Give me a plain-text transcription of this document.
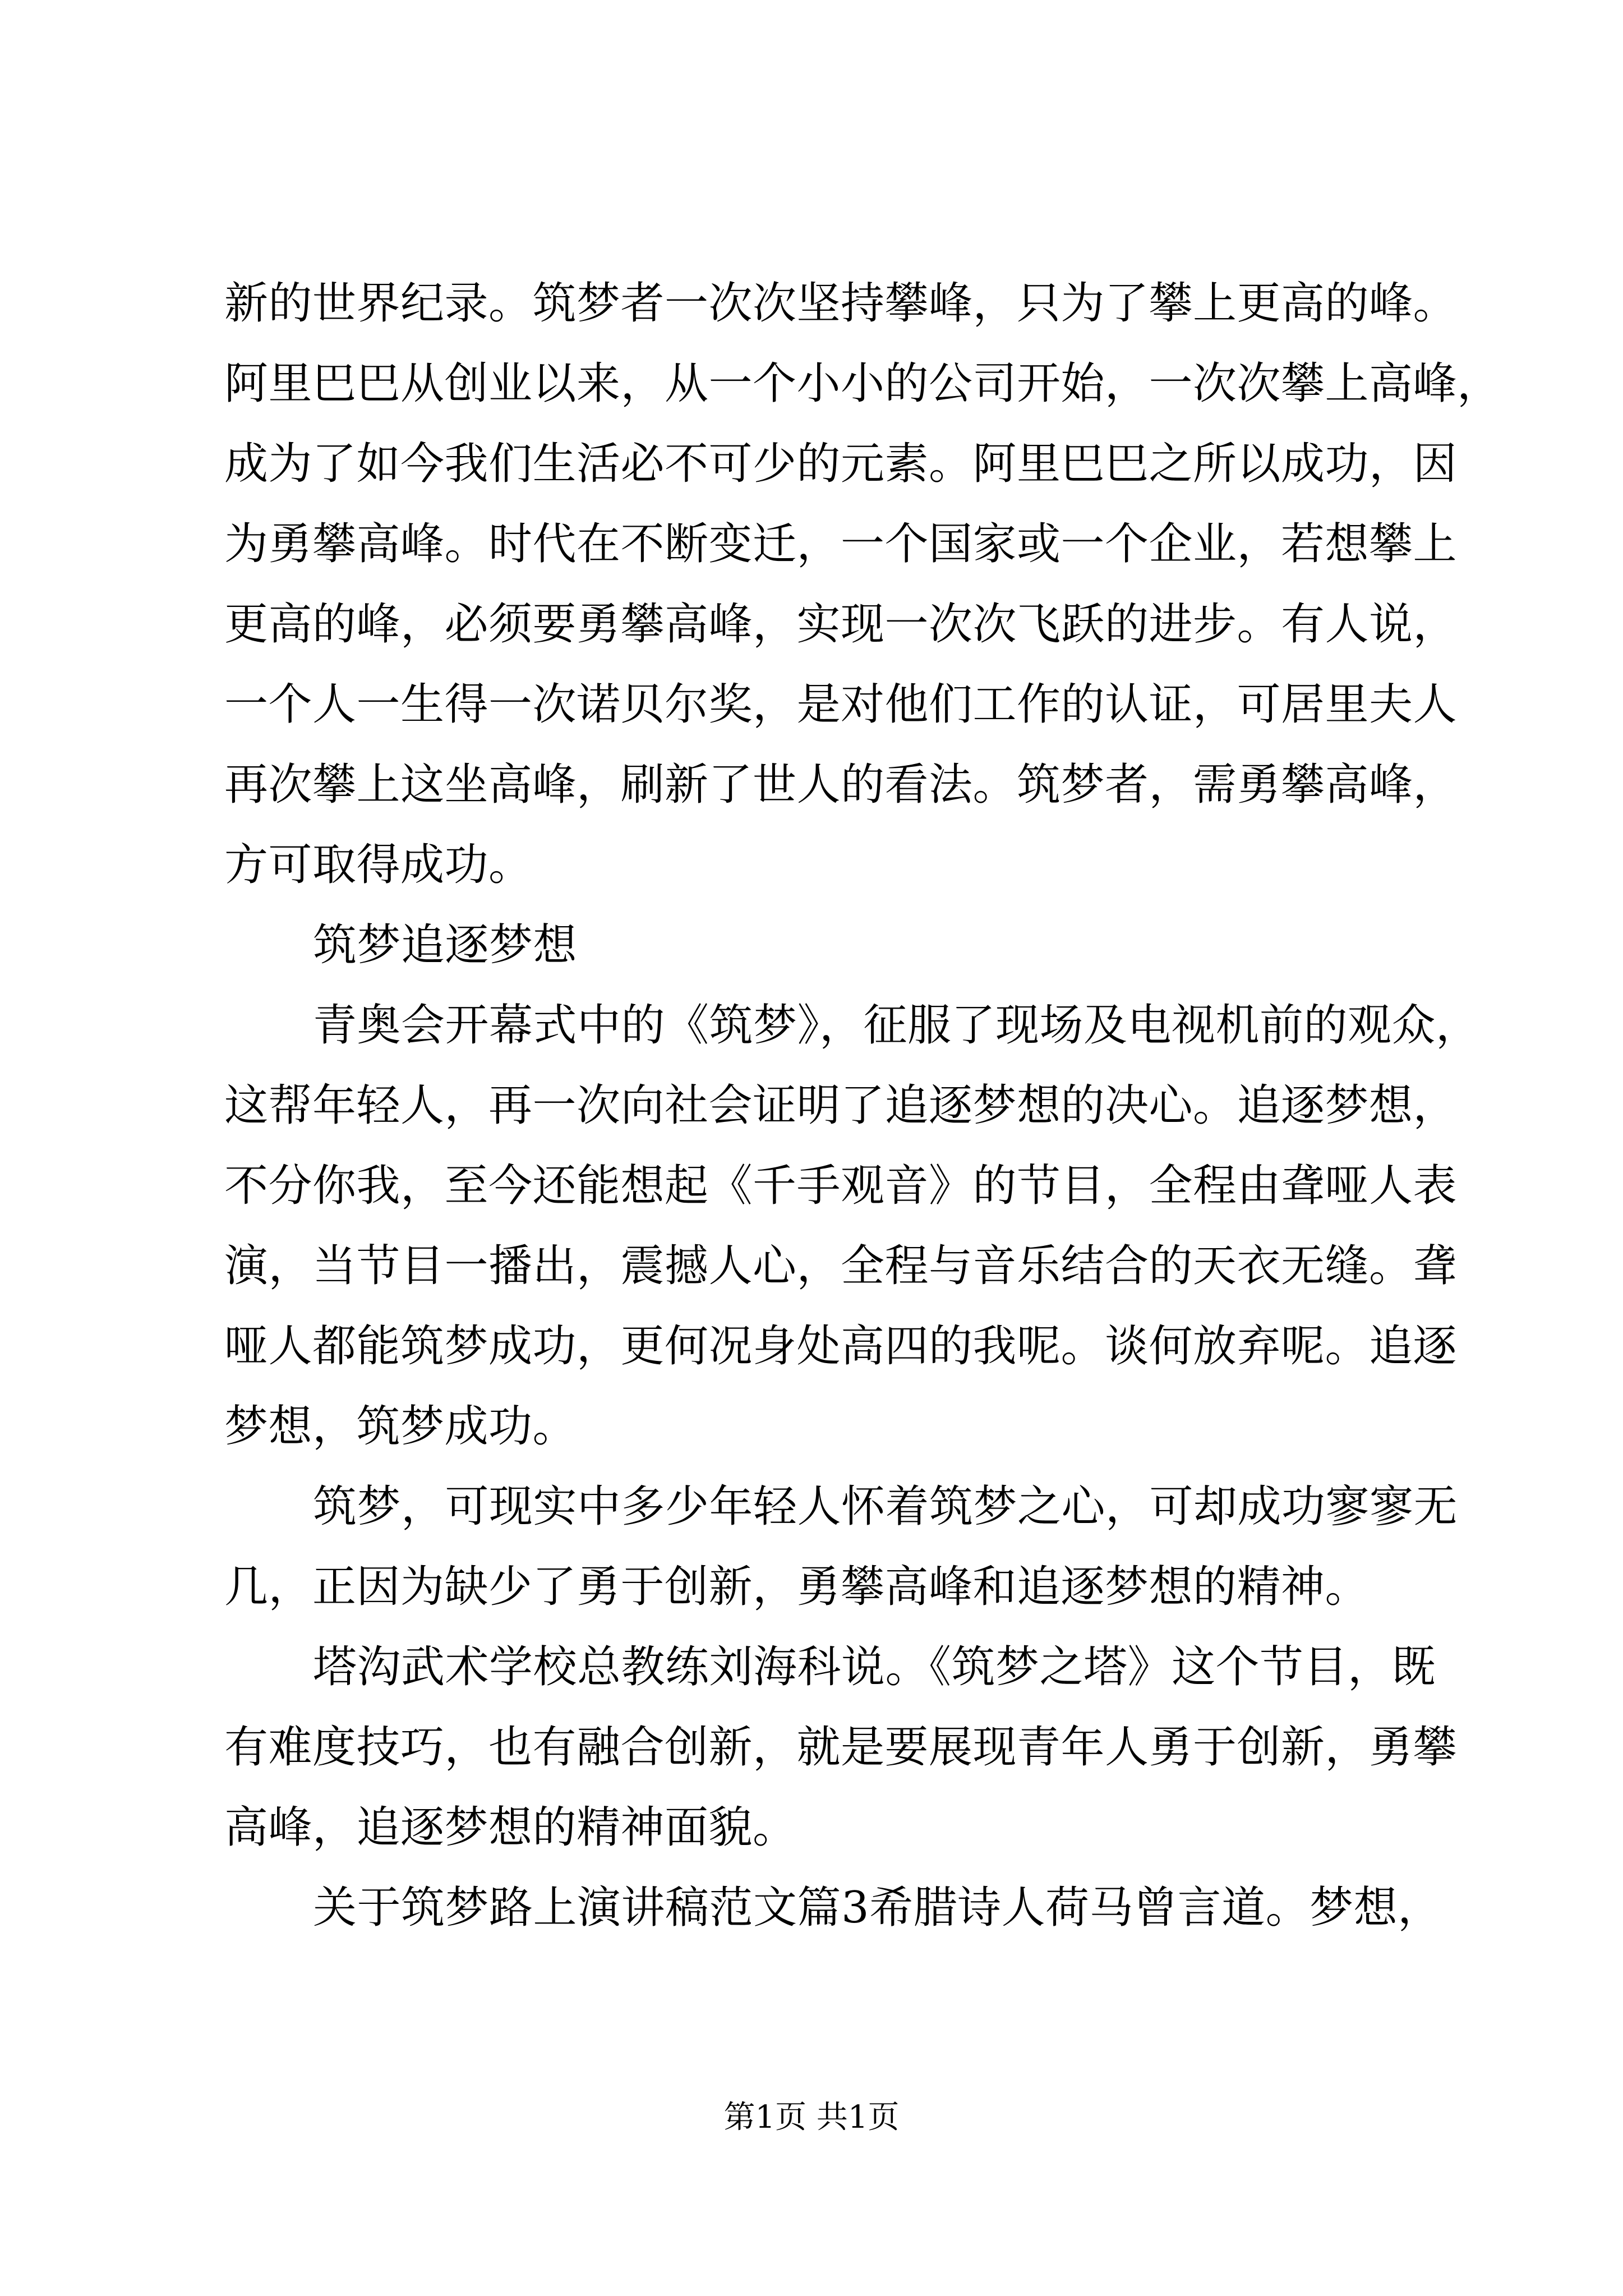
新的世界纪录。筑梦者一次次坚持攀峰，只为了攀上更高的峰。
阿里巴巴从创业以来，从一个小小的公司开始，一次次攀上高峰，
成为了如今我们生活必不可少的元素。阿里巴巴之所以成功，因
为勇攀高峰。时代在不断变迁，一个国家或一个企业，若想攀上
更高的峰，必须要勇攀高峰，实现一次次飞跃的进步。有人说，
一个人一生得一次诺贝尔奖，是对他们工作的认证，可居里夫人
再次攀上这坐高峰，刷新了世人的看法。筑梦者，需勇攀高峰，
方可取得成功。
筑梦追逐梦想
青奥会开幕式中的《筑梦》，征服了现场及电视机前的观众，
这帮年轻人，再一次向社会证明了追逐梦想的决心。追逐梦想，
不分你我，至今还能想起《千手观音》的节目，全程由聋哑人表
演，当节目一播出，震撼人心，全程与音乐结合的天衣无缝。聋
哑人都能筑梦成功，更何况身处高四的我呢。谈何放弃呢。追逐
梦想，筑梦成功。
筑梦，可现实中多少年轻人怀着筑梦之心，可却成功寥寥无
几，正因为缺少了勇于创新，勇攀高峰和追逐梦想的精神。
塔沟武术学校总教练刘海科说。《筑梦之塔》这个节目，既
有难度技巧，也有融合创新，就是要展现青年人勇于创新，勇攀
高峰，追逐梦想的精神面貌。
关于筑梦路上演讲稿范文篇3希腊诗人荷马曾言道。梦想，
第1页 共1页
